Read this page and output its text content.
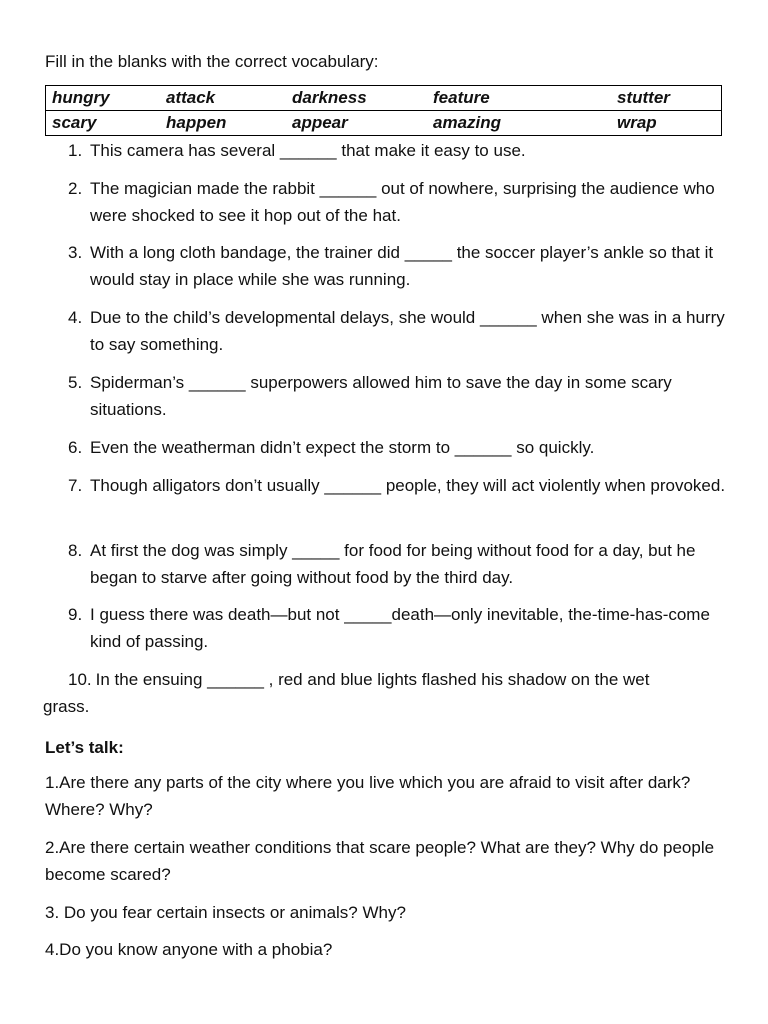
Fill in the blanks with the correct vocabulary:
hungry	attack	darkness	feature	stutter
scary	happen	appear	amazing	wrap
1. This camera has several ______ that make it easy to use.
2. The magician made the rabbit ______ out of nowhere, surprising the audience who were shocked to see it hop out of the hat.
3. With a long cloth bandage, the trainer did _____ the soccer player’s ankle so that it would stay in place while she was running.
4. Due to the child’s developmental delays, she would ______ when she was in a hurry to say something.
5. Spiderman’s ______ superpowers allowed him to save the day in some scary situations.
6. Even the weatherman didn’t expect the storm to ______ so quickly.
7. Though alligators don’t usually ______ people, they will act violently when provoked.
8. At first the dog was simply _____ for food for being without food for a day, but he began to starve after going without food by the third day.
9. I guess there was death—but not _____death—only inevitable, the-time-has-come kind of passing.
10. In the ensuing ______ , red and blue lights flashed his shadow on the wet
grass.
Let’s talk:
1.Are there any parts of the city where you live which you are afraid to visit after dark? Where? Why?
2.Are there certain weather conditions that scare people? What are they? Why do people become scared?
3. Do you fear certain insects or animals? Why?
4.Do you know anyone with a phobia?
